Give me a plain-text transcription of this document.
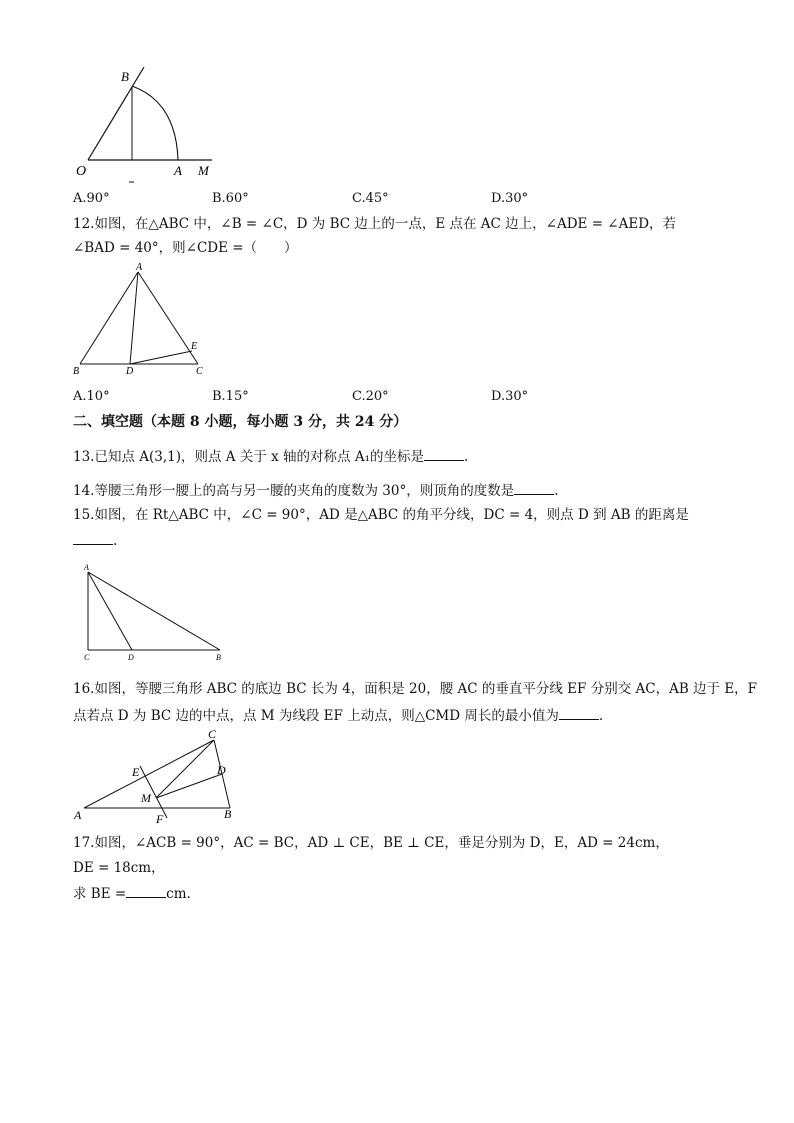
B
O	A M
A.90°	B.60°	C.45°	D.30°
12.如图，在△ABC 中，∠B = ∠C，D 为 BC 边上的一点，E 点在 AC 边上，∠ADE = ∠AED，若
∠BAD = 40°，则∠CDE =（　　）
A
B	D	C
E
A.10°	B.15°	C.20°	D.30°
二、填空题（本题 8 小题，每小题 3 分，共 24 分）
13.已知点 A(3,1)，则点 A 关于 x 轴的对称点 A₁的坐标是	.
14.等腰三角形一腰上的高与另一腰的夹角的度数为 30°，则顶角的度数是	.
15.如图，在 Rt△ABC 中，∠C = 90°，AD 是△ABC 的角平分线，DC = 4，则点 D 到 AB 的距离是
.
A
C	D	B
16.如图，等腰三角形 ABC 的底边 BC 长为 4，面积是 20，腰 AC 的垂直平分线 EF 分别交 AC，AB 边于 E，F
点若点 D 为 BC 边的中点，点 M 为线段 EF 上动点，则△CMD 周长的最小值为	.
C
E	D
M
A	F	B
17.如图，∠ACB = 90°，AC = BC，AD ⊥ CE，BE ⊥ CE，垂足分别为 D，E，AD = 24cm，
DE = 18cm，
求 BE =	cm.
